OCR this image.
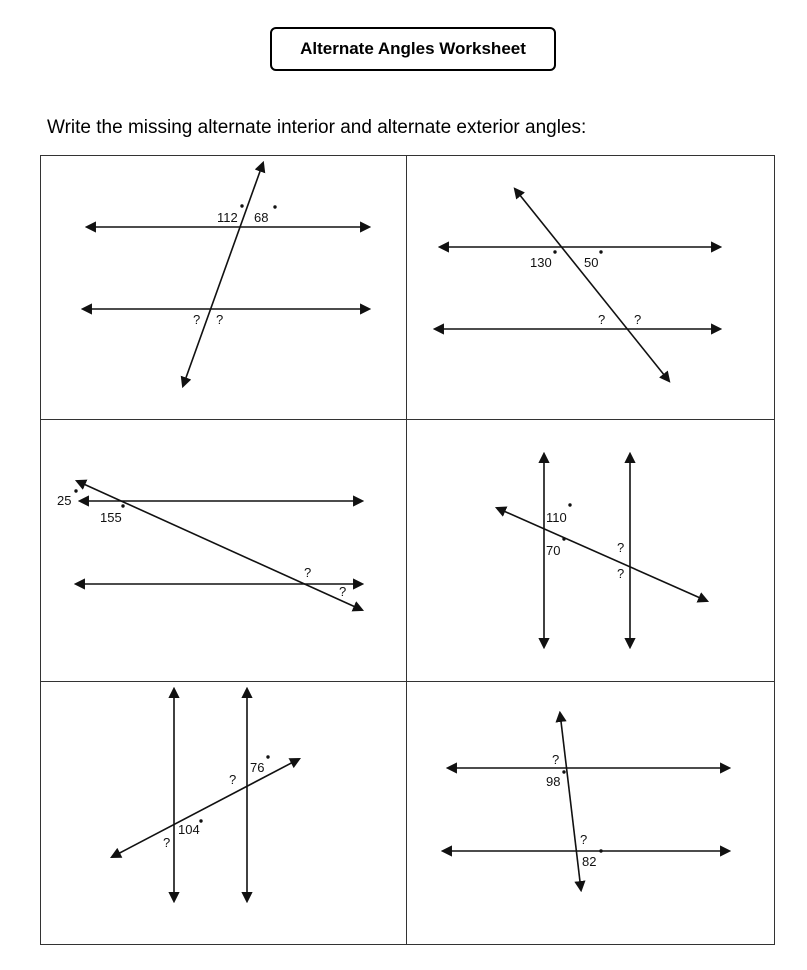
Alternate Angles Worksheet
Write the missing alternate interior and alternate exterior angles:
112 68
? ?
130 50
? ?
25
155
?
?
110
70	?
?
76
?
104
?
?
98
?
82
